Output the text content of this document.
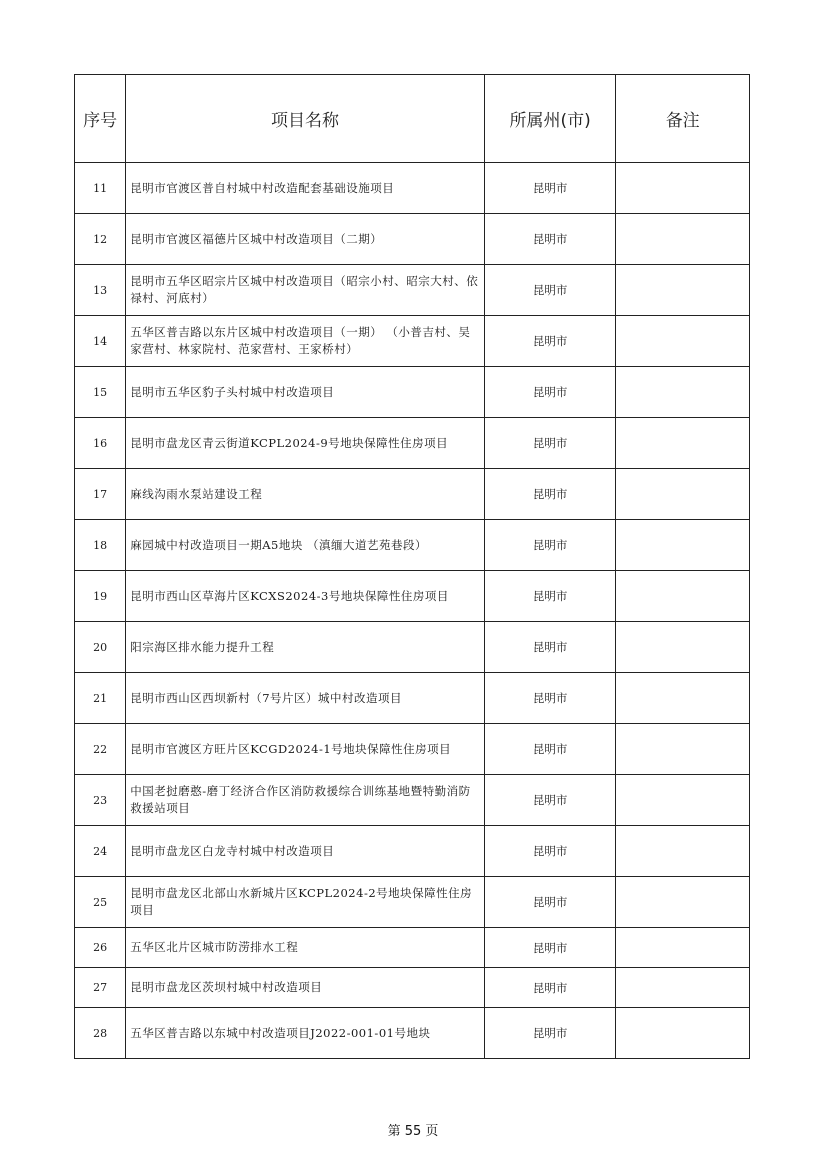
序号	项目名称	所属州(市)	备注
11	昆明市官渡区普自村城中村改造配套基础设施项目	昆明市	
12	昆明市官渡区福德片区城中村改造项目（二期）	昆明市	
13	昆明市五华区昭宗片区城中村改造项目（昭宗小村、昭宗大村、依禄村、河底村）	昆明市	
14	五华区普吉路以东片区城中村改造项目（一期） （小普吉村、吴家营村、林家院村、范家营村、王家桥村）	昆明市	
15	昆明市五华区豹子头村城中村改造项目	昆明市	
16	昆明市盘龙区青云街道KCPL2024-9号地块保障性住房项目	昆明市	
17	麻线沟雨水泵站建设工程	昆明市	
18	麻园城中村改造项目一期A5地块 （滇缅大道艺苑巷段）	昆明市	
19	昆明市西山区草海片区KCXS2024-3号地块保障性住房项目	昆明市	
20	阳宗海区排水能力提升工程	昆明市	
21	昆明市西山区西坝新村（7号片区）城中村改造项目	昆明市	
22	昆明市官渡区方旺片区KCGD2024-1号地块保障性住房项目	昆明市	
23	中国老挝磨憨-磨丁经济合作区消防救援综合训练基地暨特勤消防救援站项目	昆明市	
24	昆明市盘龙区白龙寺村城中村改造项目	昆明市	
25	昆明市盘龙区北部山水新城片区KCPL2024-2号地块保障性住房项目	昆明市	
26	五华区北片区城市防涝排水工程	昆明市	
27	昆明市盘龙区茨坝村城中村改造项目	昆明市	
28	五华区普吉路以东城中村改造项目J2022-001-01号地块	昆明市	
第 55 页
